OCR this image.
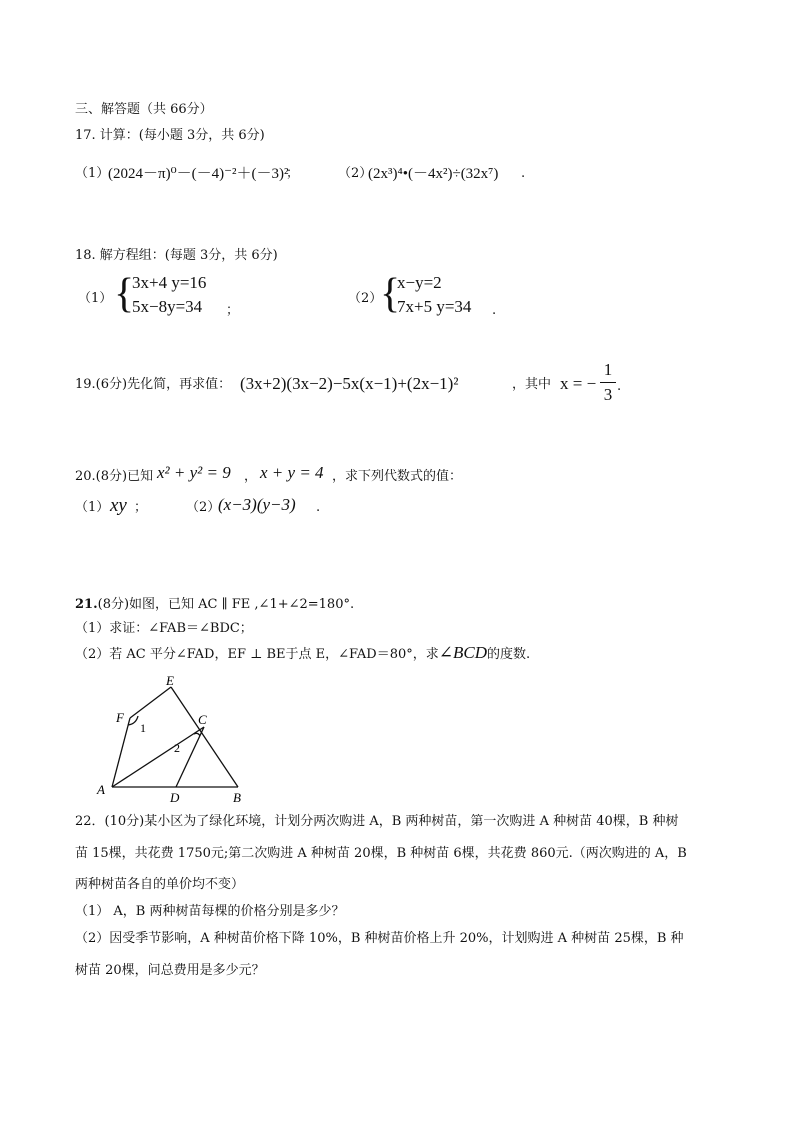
三、解答题（共 66分）
17. 计算：(每小题 3分，共 6分)
（1）
(2024－π)⁰－(－4)⁻²＋(－3)²
；	（2）
(2x³)⁴•(－4x²)÷(32x⁷) .
18. 解方程组：(每题 3分，共 6分)
（1） {
3x+4 y=16
5x−8y=34 ；
（2）
{
x−y=2
7x+5 y=34 .
19.(6分)先化简，再求值： (3x+2)(3x−2)−5x(x−1)+(2x−1)²	，其中 x = −
1
3 .
20.(8分)已知 x² + y² = 9 ， x + y = 4 ，求下列代数式的值：
（1） xy ；	（2）
(x−3)(y−3) .
21.(8分)如图，已知 AC ∥ FE ,∠1+∠2=180°.
（1）求证：∠FAB＝∠BDC；
（2）若 AC 平分∠FAD，EF ⊥ BE于点 E，∠FAD＝80°，求∠BCD的度数.
E
F	C
A
D	B
1
2
22．(10分)某小区为了绿化环境，计划分两次购进 A，B 两种树苗，第一次购进 A 种树苗 40棵，B 种树
苗 15棵，共花费 1750元;第二次购进 A 种树苗 20棵，B 种树苗 6棵，共花费 860元.（两次购进的 A，B
两种树苗各自的单价均不变）
（1） A，B 两种树苗每棵的价格分别是多少？
（2）因受季节影响，A 种树苗价格下降 10%，B 种树苗价格上升 20%，计划购进 A 种树苗 25棵，B 种
树苗 20棵，问总费用是多少元？
